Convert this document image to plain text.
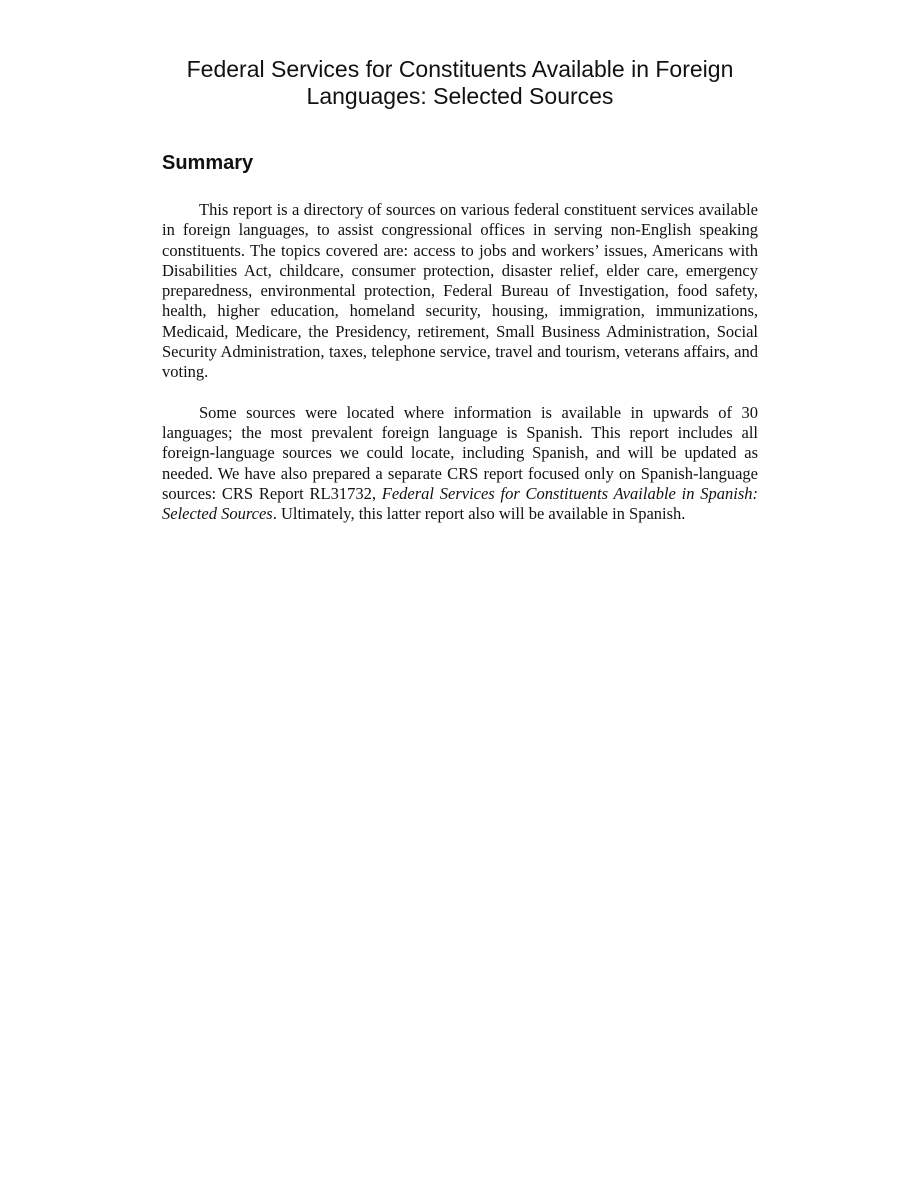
Federal Services for Constituents Available in Foreign
Languages: Selected Sources
Summary

This report is a directory of sources on various federal constituent services available in foreign languages, to assist congressional offices in serving non-English speaking constituents. The topics covered are: access to jobs and workers’ issues, Americans with Disabilities Act, childcare, consumer protection, disaster relief, elder care, emergency preparedness, environmental protection, Federal Bureau of Investigation, food safety, health, higher education, homeland security, housing, immigration, immunizations, Medicaid, Medicare, the Presidency, retirement, Small Business Administration, Social Security Administration, taxes, telephone service, travel and tourism, veterans affairs, and voting.

Some sources were located where information is available in upwards of 30 languages; the most prevalent foreign language is Spanish. This report includes all foreign-language sources we could locate, including Spanish, and will be updated as needed. We have also prepared a separate CRS report focused only on Spanish-language sources: CRS Report RL31732, Federal Services for Constituents Available in Spanish: Selected Sources. Ultimately, this latter report also will be available in Spanish.
